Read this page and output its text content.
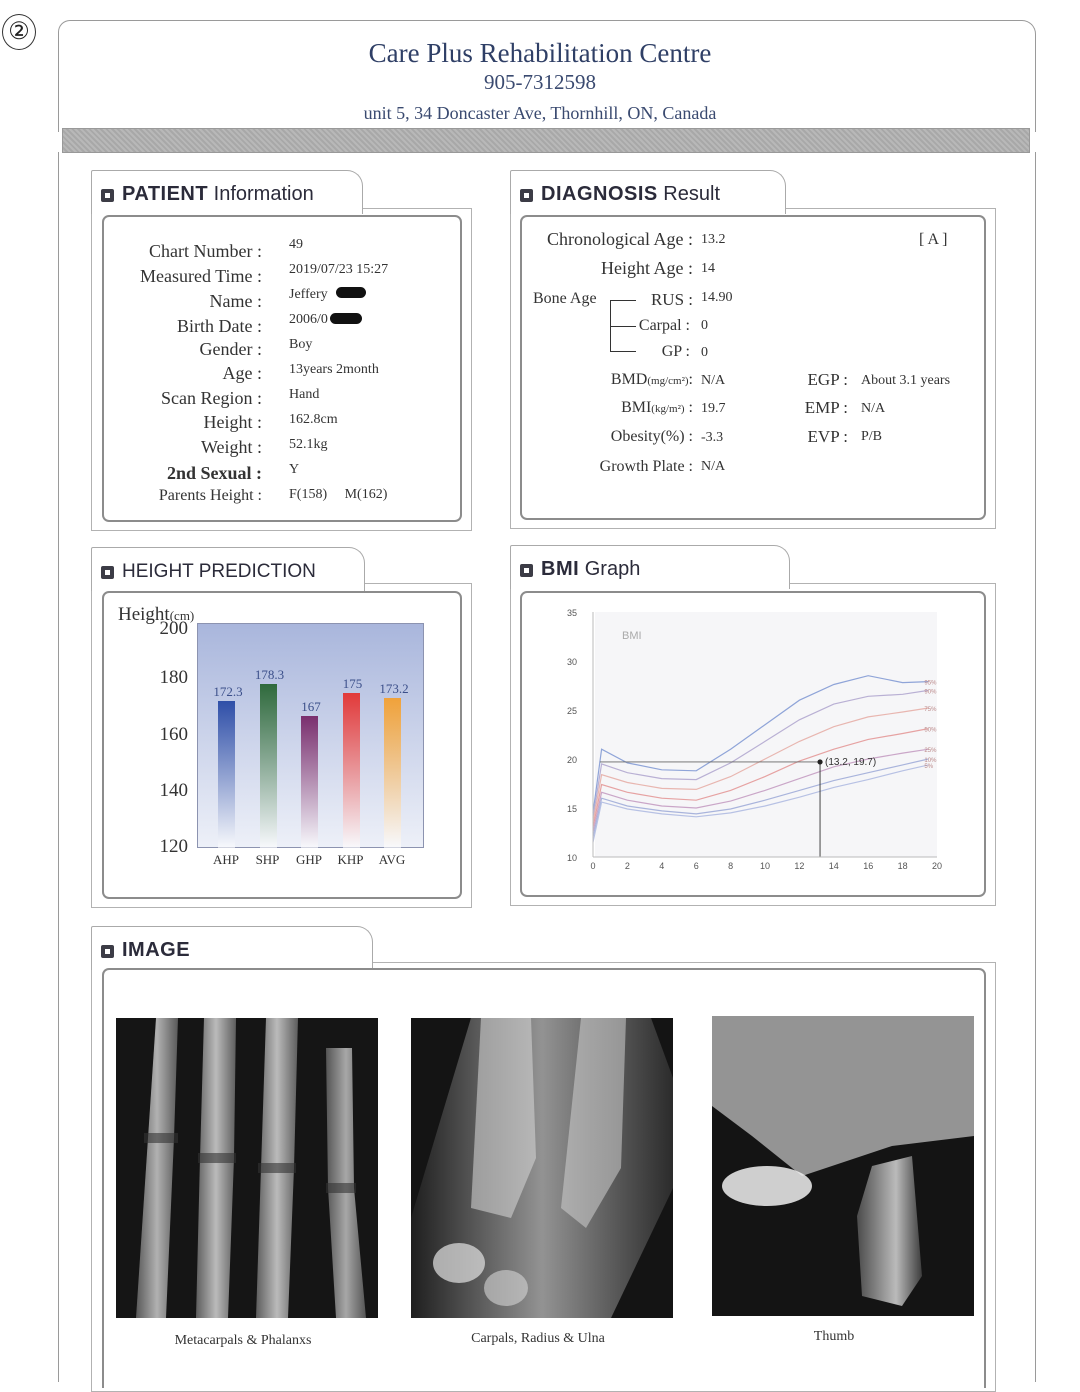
②
Care Plus Rehabilitation Centre
905-7312598
unit 5, 34 Doncaster Ave, Thornhill, ON, Canada
PATIENT Information
Chart Number : 49
Measured Time : 2019/07/23 15:27
Name : Jeffery
Birth Date : 2006/0
Gender : Boy
Age : 13years 2month
Scan Region : Hand
Height : 162.8cm
Weight : 52.1kg
2nd Sexual : Y
Parents Height : F(158)     M(162)
DIAGNOSIS Result
[ A ]
Chronological Age : 13.2
Height Age : 14
Bone Age	RUS : 14.90
Carpal : 0
GP : 0
BMD(mg/cm²): N/A
BMI(kg/m²) : 19.7
Obesity(%) : -3.3
Growth Plate : N/A
EGP : About 3.1 years
EMP : N/A
EVP : P/B
HEIGHT PREDICTION
Height(cm)
200
180
160
140
120
172.3
AHP
178.3
SHP
167
GHP
175
KHP
173.2
AVG
BMI Graph
BMI
35
30
25
20
15
10
0	2	4	6	8	10	12	14	16	18	20
95%
90%
75%
50%
25%
10%
5%
(13.2, 19.7)
IMAGE
Metacarpals & Phalanxs	Carpals, Radius & Ulna	Thumb
